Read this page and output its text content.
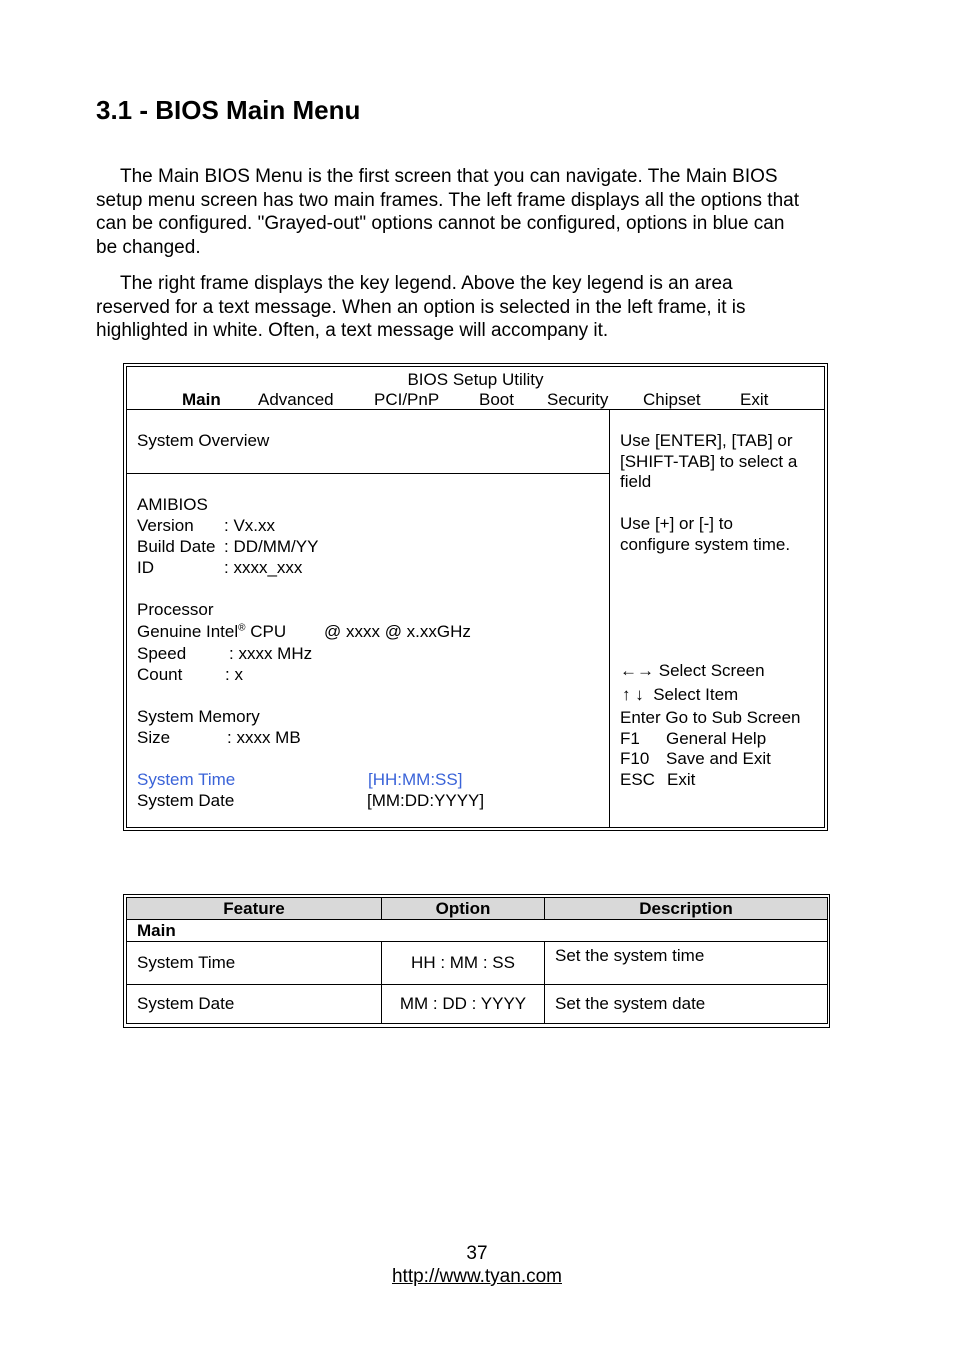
3.1 - BIOS Main Menu
The Main BIOS Menu is the first screen that you can navigate. The Main BIOS
setup menu screen has two main frames. The left frame displays all the options that
can be configured. "Grayed-out" options cannot be configured, options in blue can
be changed.
The right frame displays the key legend. Above the key legend is an area
reserved for a text message. When an option is selected in the left frame, it is
highlighted in white. Often, a text message will accompany it.
BIOS Setup Utility
Main Advanced PCI/PnP Boot Security Chipset Exit
System Overview
AMIBIOS
Version : Vx.xx
Build Date : DD/MM/YY
ID	: xxxx_xxx
Processor
Genuine Intel® CPU @ xxxx @ x.xxGHz
Speed	: xxxx MHz
Count	: x
System Memory
Size	: xxxx MB
System Time	[HH:MM:SS]
System Date	[MM:DD:YYYY]
Use [ENTER], [TAB] or
[SHIFT-TAB] to select a
field
Use [+] or [-] to
configure system time.
←→ Select Screen
↑ ↓ Select Item
Enter Go to Sub Screen
F1 General Help
F10 Save and Exit
ESC Exit
Feature	Option	Description
Main		
System Time	HH : MM : SS	Set the system time
System Date	MM : DD : YYYY	Set the system date
37
http://www.tyan.com
